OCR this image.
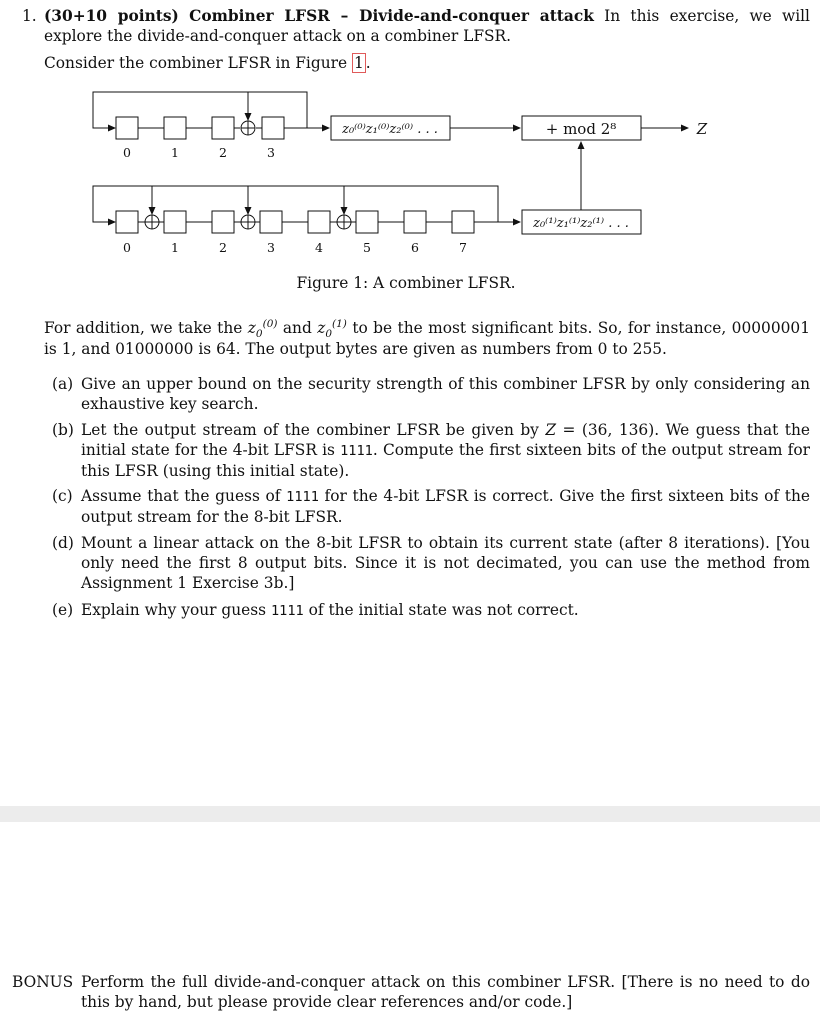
1. (30+10 points) Combiner LFSR – Divide-and-conquer attack In this exercise, we will explore the divide-and-conquer attack on a combiner LFSR.
Consider the combiner LFSR in Figure 1 .
0	1	2	3
0	1	2	3	4	5	6	7
z₀⁽⁰⁾z₁⁽⁰⁾z₂⁽⁰⁾ . . .
z₀⁽¹⁾z₁⁽¹⁾z₂⁽¹⁾ . . .
+ mod 2⁸	Z
Figure 1: A combiner LFSR.
For addition, we take the $z_0^{(0)}$ and $z_0^{(1)}$ to be the most significant bits. So, for instance, 00000001 is 1, and 01000000 is 64. The output bytes are given as numbers from 0 to 255.
(a) Give an upper bound on the security strength of this combiner LFSR by only considering an exhaustive key search.
(b) Let the output stream of the combiner LFSR be given by Z = (36, 136). We guess that the initial state for the 4-bit LFSR is 1111. Compute the first sixteen bits of the output stream for this LFSR (using this initial state).
(c) Assume that the guess of 1111 for the 4-bit LFSR is correct. Give the first sixteen bits of the output stream for the 8-bit LFSR.
(d) Mount a linear attack on the 8-bit LFSR to obtain its current state (after 8 iterations). [You only need the first 8 output bits. Since it is not decimated, you can use the method from Assignment 1 Exercise 3b.]
(e) Explain why your guess 1111 of the initial state was not correct.
BONUS Perform the full divide-and-conquer attack on this combiner LFSR. [There is no need to do this by hand, but please provide clear references and/or code.]
